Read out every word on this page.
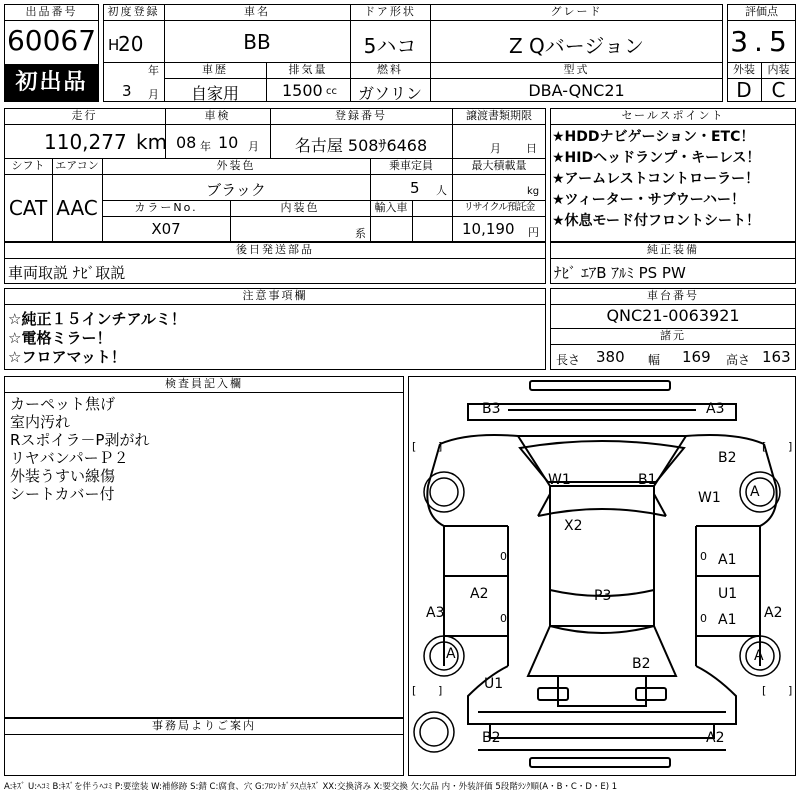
出品番号
60067
初出品
初度登録
H
20
年
3 月
車名
BB
ドア形状
5ハコ
グレード
Z Qバージョン
車歴
自家用
排気量
1500 cc
燃料
ガソリン
型式
DBA-QNC21
評価点
3.5
外装	内装
D C
走行
110,277 km
車検
08 年 10 月
登録番号
名古屋 508ｻ6468
譲渡書類期限
月 日
シフト
CAT
エアコン
AAC
外装色
ブラック
乗車定員
5 人
最大積載量
kg
カラーNo.
X07
内装色
系
輸入車	リサイクル預託金
10,190 円
セールスポイント
★HDDナビゲーション・ETC！
★HIDヘッドランプ・キーレス！
★アームレストコントローラー！
★ツィーター・サブウーハー！
★休息モード付フロントシート！
後日発送部品
車両取説 ﾅﾋﾞ取説
純正装備
ﾅﾋﾞ ｴｱB ｱﾙﾐ PS PW
注意事項欄
☆純正１５インチアルミ！
☆電格ミラー！
☆フロアマット！
車台番号
QNC21-0063921
諸元
長さ 380 幅 169 高さ 163
検査員記入欄
カーペット焦げ
室内汚れ
Rスポイラ－P剥がれ
リヤバンパーＰ２
外装うすい線傷
シートカバー付
事務局よりご案内
[ ]	[ ]
[ ]	[ ]
0	0
0	0
B3	A3
B2
W1	B1
W1 A
X2
A1
A2	P3	U1
A3	A1 A2
A
B2	A
U1
B2	A2
A:ｷｽﾞ U:ﾍｺﾐ B:ｷｽﾞを伴うﾍｺﾐ P:要塗装 W:補修跡 S:錆 C:腐食、穴 G:ﾌﾛﾝﾄｶﾞﾗｽ点ｷｽﾞ XX:交換済み X:要交換 欠:欠品 内・外装評価 5段階ﾗﾝｸ順(A・B・C・D・E) 1
